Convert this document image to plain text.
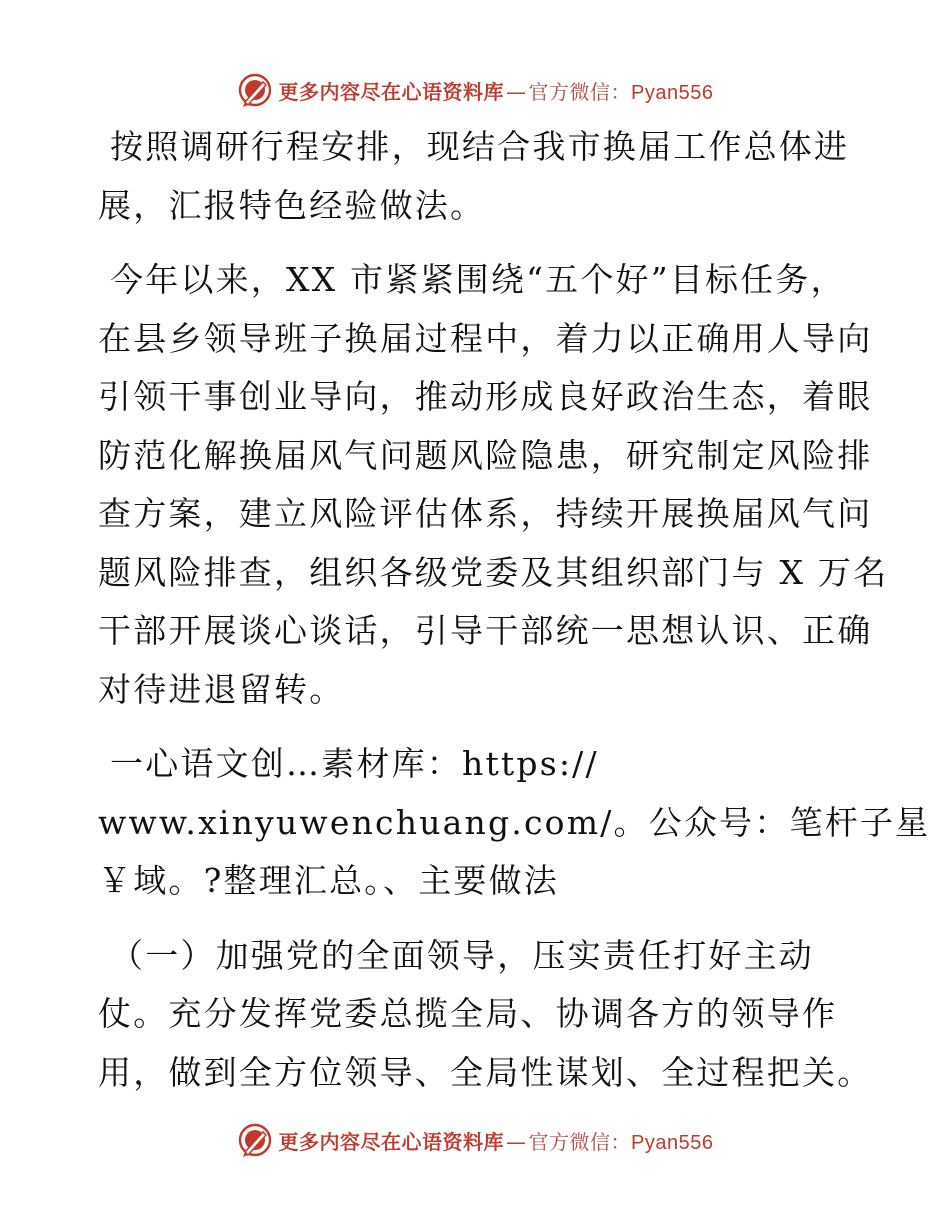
更多内容尽在心语资料库 — 官方微信：Pyan556
按照调研行程安排，现结合我市换届工作总体进
展，汇报特色经验做法。
今年以来，XX 市紧紧围绕“五个好”目标任务，
在县乡领导班子换届过程中，着力以正确用人导向
引领干事创业导向，推动形成良好政治生态，着眼
防范化解换届风气问题风险隐患，研究制定风险排
查方案，建立风险评估体系，持续开展换届风气问
题风险排查，组织各级党委及其组织部门与 X 万名
干部开展谈心谈话，引导干部统一思想认识、正确
对待进退留转。
一心语文创…素材库：https://
www.xinyuwenchuang.com/。公众号：笔杆子星
￥域。?整理汇总。、主要做法
（一）加强党的全面领导，压实责任打好主动
仗。充分发挥党委总揽全局、协调各方的领导作
用，做到全方位领导、全局性谋划、全过程把关。
更多内容尽在心语资料库 — 官方微信：Pyan556
